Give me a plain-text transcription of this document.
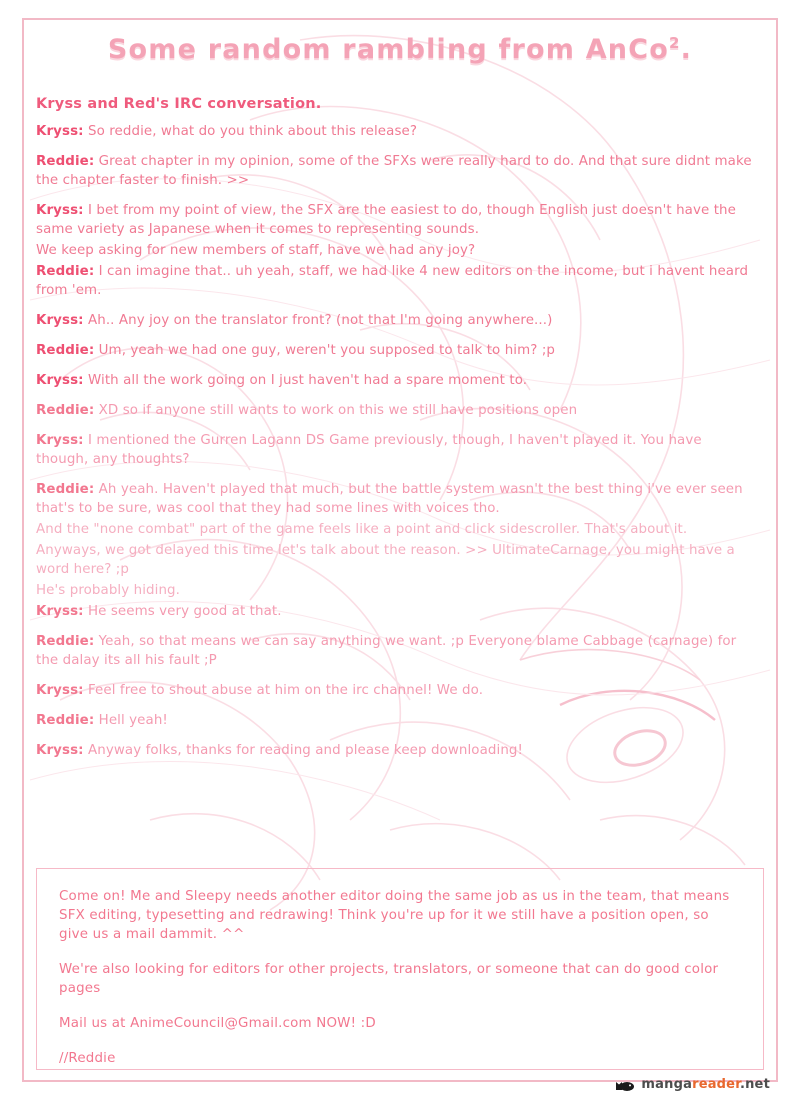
Some random rambling from AnCo$^2$.
Kryss and Red's IRC conversation.
Kryss: So reddie, what do you think about this release?
Reddie: Great chapter in my opinion, some of the SFXs were really hard to do. And that sure didnt make the chapter faster to finish. >>
Kryss: I bet from my point of view, the SFX are the easiest to do, though English just doesn't have the same variety as Japanese when it comes to representing sounds.
We keep asking for new members of staff, have we had any joy?
Reddie: I can imagine that.. uh yeah, staff, we had like 4 new editors on the income, but i havent heard from 'em.
Kryss: Ah.. Any joy on the translator front? (not that I'm going anywhere...)
Reddie: Um, yeah we had one guy, weren't you supposed to talk to him? ;p
Kryss: With all the work going on I just haven't had a spare moment to.
Reddie: XD so if anyone still wants to work on this we still have positions open
Kryss: I mentioned the Gurren Lagann DS Game previously, though, I haven't played it. You have though, any thoughts?
Reddie: Ah yeah. Haven't played that much, but the battle system wasn't the best thing i've ever seen that's to be sure, was cool that they had some lines with voices tho.
And the "none combat" part of the game feels like a point and click sidescroller. That's about it.
Anyways, we got delayed this time let's talk about the reason. >> UltimateCarnage, you might have a word here? ;p
He's probably hiding.
Kryss: He seems very good at that.
Reddie: Yeah, so that means we can say anything we want. ;p Everyone blame Cabbage (carnage) for the dalay its all his fault ;P
Kryss: Feel free to shout abuse at him on the irc channel! We do.
Reddie: Hell yeah!
Kryss: Anyway folks, thanks for reading and please keep downloading!

Come on! Me and Sleepy needs another editor doing the same job as us in the team, that means SFX editing, typesetting and redrawing! Think you're up for it we still have a position open, so give us a mail dammit. ^^

We're also looking for editors for other projects, translators, or someone that can do good color pages

Mail us at AnimeCouncil@Gmail.com NOW! :D

//Reddie

mangareader.net
